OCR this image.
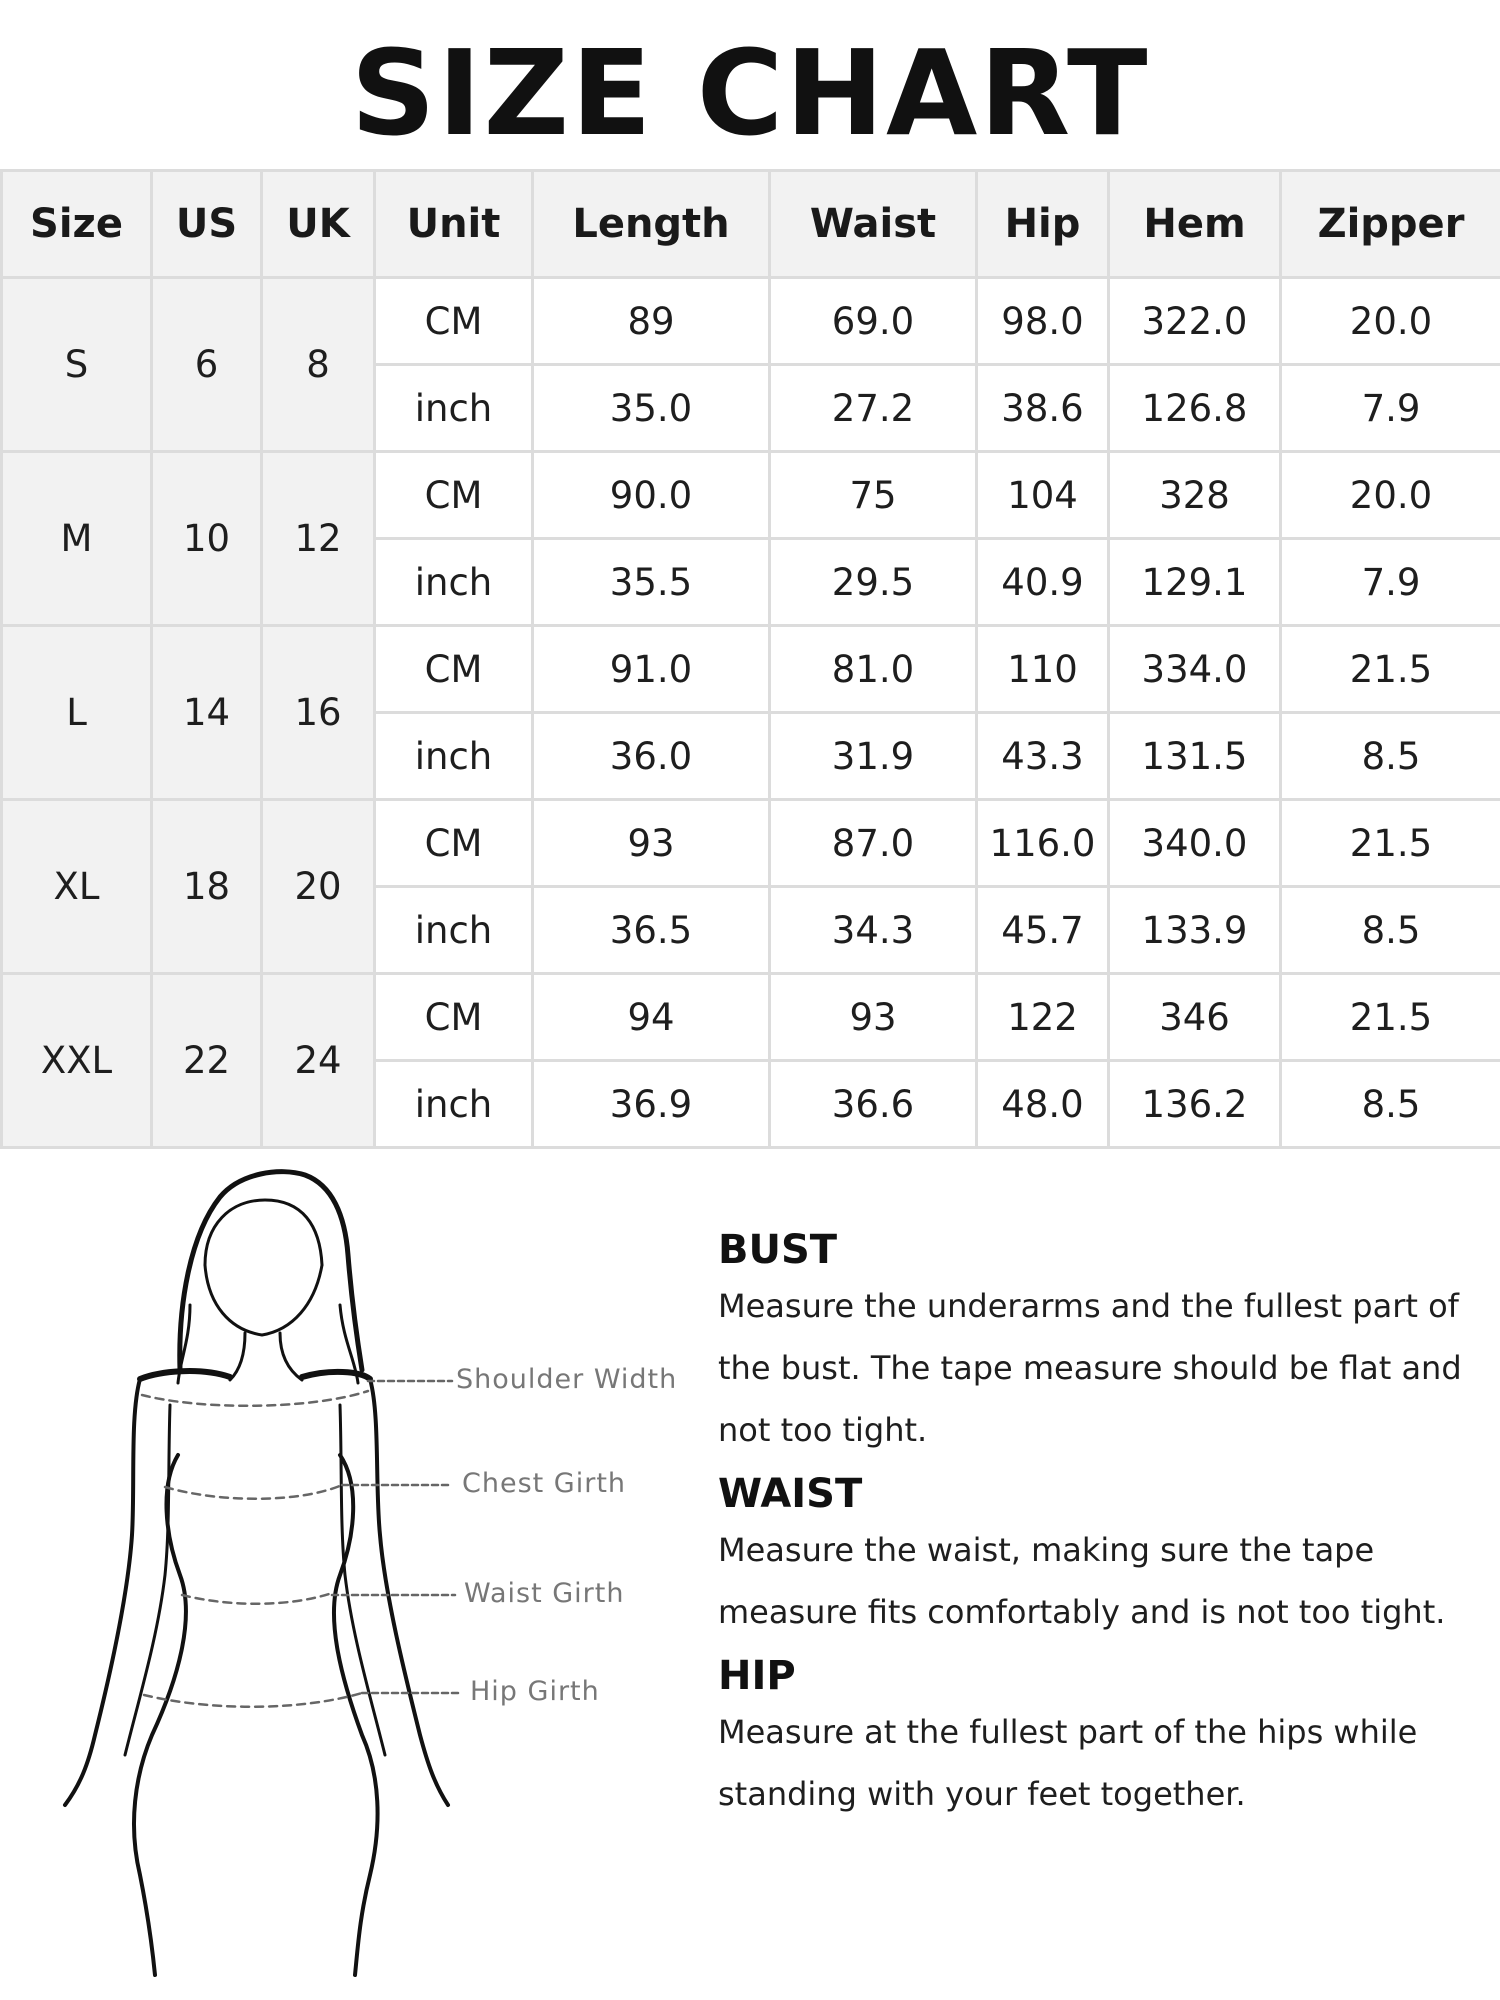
SIZE CHART
Size	US	UK	Unit	Length	Waist	Hip	Hem	Zipper
S	6	8	CM	89	69.0	98.0	322.0	20.0
			inch	35.0	27.2	38.6	126.8	7.9
M	10	12	CM	90.0	75	104	328	20.0
			inch	35.5	29.5	40.9	129.1	7.9
L	14	16	CM	91.0	81.0	110	334.0	21.5
			inch	36.0	31.9	43.3	131.5	8.5
XL	18	20	CM	93	87.0	116.0	340.0	21.5
			inch	36.5	34.3	45.7	133.9	8.5
XXL	22	24	CM	94	93	122	346	21.5
			inch	36.9	36.6	48.0	136.2	8.5
Shoulder Width
Chest Girth
Waist Girth
Hip Girth
BUST

Measure the underarms and the fullest part of the bust. The tape measure should be flat and not too tight.

WAIST

Measure the waist, making sure the tape measure fits comfortably and is not too tight.

HIP

Measure at the fullest part of the hips while standing with your feet together.
